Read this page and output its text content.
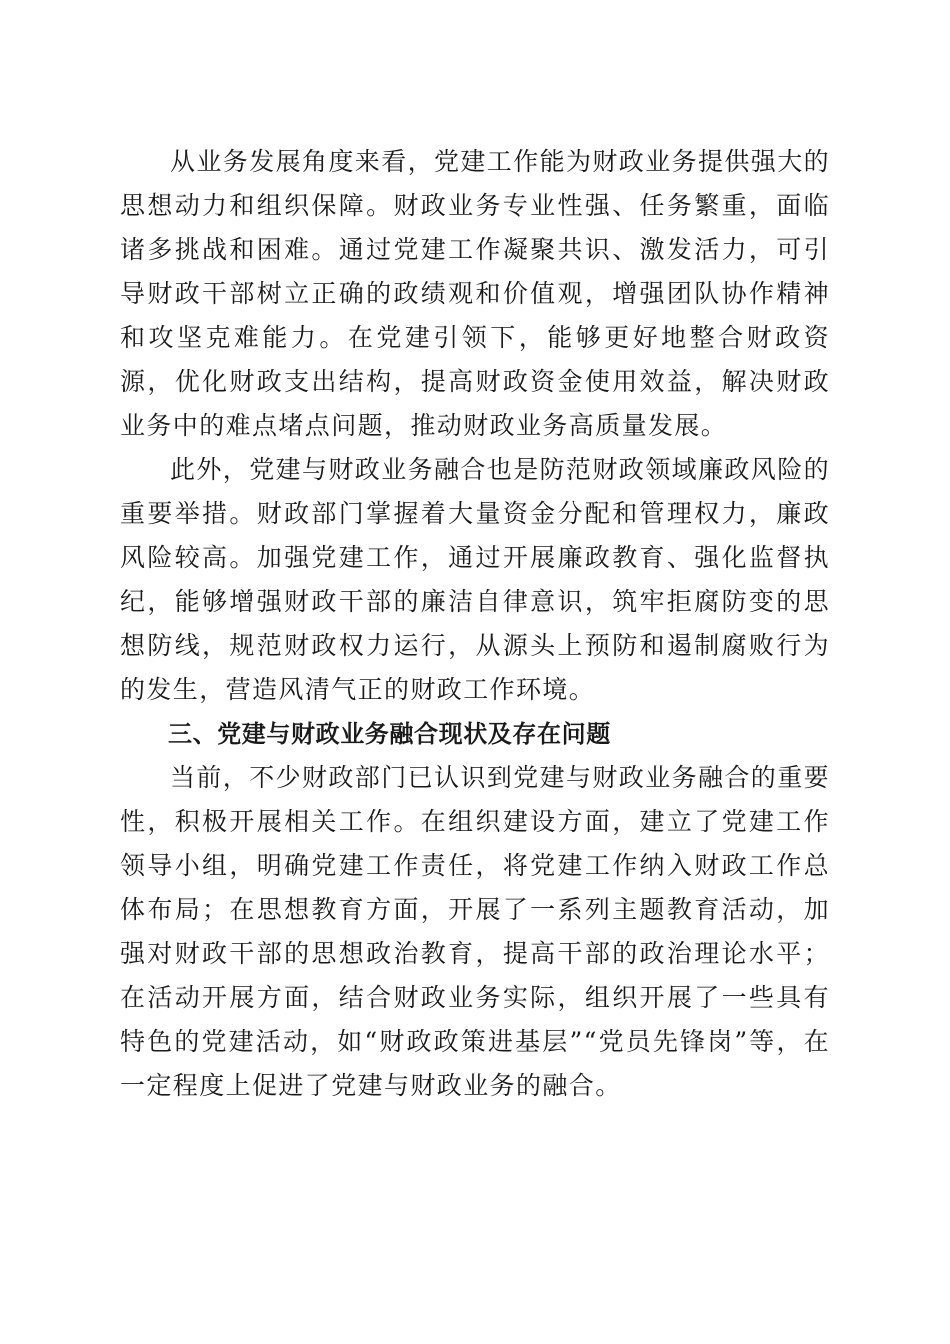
从业务发展角度来看，党建工作能为财政业务提供强大的思想动力和组织保障。财政业务专业性强、任务繁重，面临诸多挑战和困难。通过党建工作凝聚共识、激发活力，可引导财政干部树立正确的政绩观和价值观，增强团队协作精神和攻坚克难能力。在党建引领下，能够更好地整合财政资源，优化财政支出结构，提高财政资金使用效益，解决财政业务中的难点堵点问题，推动财政业务高质量发展。

此外，党建与财政业务融合也是防范财政领域廉政风险的重要举措。财政部门掌握着大量资金分配和管理权力，廉政风险较高。加强党建工作，通过开展廉政教育、强化监督执纪，能够增强财政干部的廉洁自律意识，筑牢拒腐防变的思想防线，规范财政权力运行，从源头上预防和遏制腐败行为的发生，营造风清气正的财政工作环境。

三、党建与财政业务融合现状及存在问题

当前，不少财政部门已认识到党建与财政业务融合的重要性，积极开展相关工作。在组织建设方面，建立了党建工作领导小组，明确党建工作责任，将党建工作纳入财政工作总体布局；在思想教育方面，开展了一系列主题教育活动，加强对财政干部的思想政治教育，提高干部的政治理论水平；在活动开展方面，结合财政业务实际，组织开展了一些具有特色的党建活动，如“财政政策进基层”“党员先锋岗”等，在一定程度上促进了党建与财政业务的融合。
